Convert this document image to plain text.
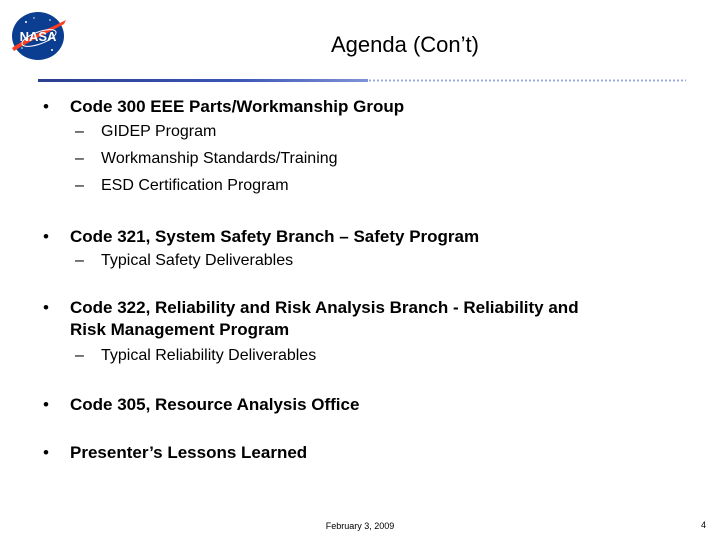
NASA	Agenda (Con’t)
• Code 300 EEE Parts/Workmanship Group
– GIDEP Program
– Workmanship Standards/Training
– ESD Certification Program
• Code 321, System Safety Branch – Safety Program
– Typical Safety Deliverables
• Code 322, Reliability and Risk Analysis Branch - Reliability and
Risk Management Program
– Typical Reliability Deliverables
• Code 305, Resource Analysis Office
• Presenter’s Lessons Learned
February 3, 2009	4
